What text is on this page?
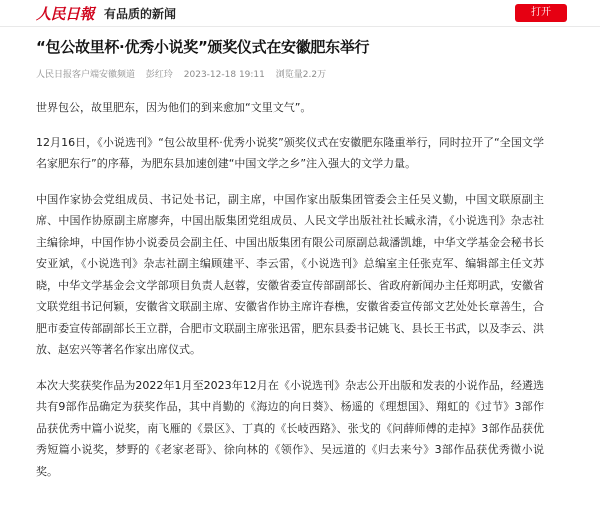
人民日報 有品质的新闻	打开
“包公故里杯·优秀小说奖”颁奖仪式在安徽肥东举行
人民日报客户端安徽频道 彭红玲 2023-12-18 19:11 浏览量2.2万

世界包公，故里肥东，因为他们的到来愈加“文里文气”。

12月16日，《小说选刊》“包公故里杯·优秀小说奖”颁奖仪式在安徽肥东隆重举行，同时拉开了“全国文学名家肥东行”的序幕，为肥东县加速创建“中国文学之乡”注入强大的文学力量。

中国作家协会党组成员、书记处书记，副主席，中国作家出版集团管委会主任吴义勤，中国文联原副主席、中国作协原副主席廖奔，中国出版集团党组成员、人民文学出版社社长臧永清，《小说选刊》杂志社主编徐坤，中国作协小说委员会副主任、中国出版集团有限公司原副总裁潘凯雄，中华文学基金会秘书长安亚斌，《小说选刊》杂志社副主编顾建平、李云雷，《小说选刊》总编室主任张克军、编辑部主任文苏晓，中华文学基金会文学部项目负责人赵蓉，安徽省委宣传部副部长、省政府新闻办主任郑明武，安徽省文联党组书记何颖，安徽省文联副主席、安徽省作协主席许春樵，安徽省委宣传部文艺处处长章善生，合肥市委宣传部副部长王立群，合肥市文联副主席张迅雷，肥东县委书记姚飞、县长王书武，以及李云、洪放、赵宏兴等著名作家出席仪式。

本次大奖获奖作品为2022年1月至2023年12月在《小说选刊》杂志公开出版和发表的小说作品，经遴选共有9部作品确定为获奖作品，其中肖勤的《海边的向日葵》、杨遥的《理想国》、翔虹的《过节》3部作品获优秀中篇小说奖，南飞雁的《景区》、丁真的《长岐西路》、张戈的《问薛师傅的走掉》3部作品获优秀短篇小说奖，梦野的《老家老哥》、徐向林的《领作》、吴远道的《归去来兮》3部作品获优秀微小说奖。
